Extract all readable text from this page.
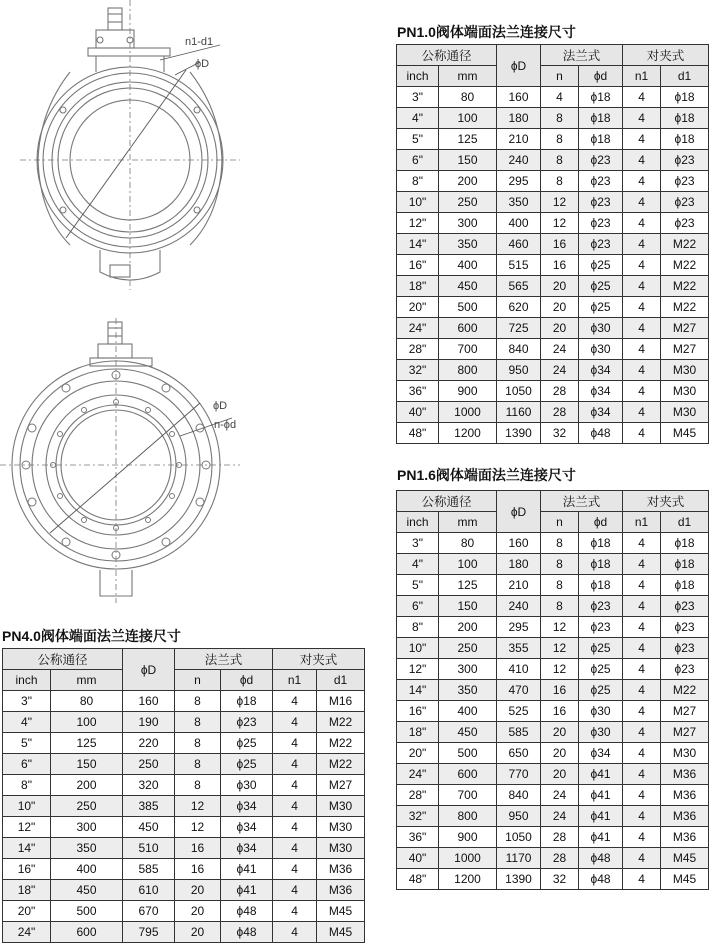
n1-d1
ϕD
ϕD
n-ϕd
PN1.0阀体端面法兰连接尺寸
公称通径		ϕD	法兰式		对夹式	
inch	mm		n	ϕd	n1	d1
3"	80	160	4	ϕ18	4	ϕ18
4"	100	180	8	ϕ18	4	ϕ18
5"	125	210	8	ϕ18	4	ϕ18
6"	150	240	8	ϕ23	4	ϕ23
8"	200	295	8	ϕ23	4	ϕ23
10"	250	350	12	ϕ23	4	ϕ23
12"	300	400	12	ϕ23	4	ϕ23
14"	350	460	16	ϕ23	4	M22
16"	400	515	16	ϕ25	4	M22
18"	450	565	20	ϕ25	4	M22
20"	500	620	20	ϕ25	4	M22
24"	600	725	20	ϕ30	4	M27
28"	700	840	24	ϕ30	4	M27
32"	800	950	24	ϕ34	4	M30
36"	900	1050	28	ϕ34	4	M30
40"	1000	1160	28	ϕ34	4	M30
48"	1200	1390	32	ϕ48	4	M45
PN1.6阀体端面法兰连接尺寸
公称通径		ϕD	法兰式		对夹式	
inch	mm		n	ϕd	n1	d1
3"	80	160	8	ϕ18	4	ϕ18
4"	100	180	8	ϕ18	4	ϕ18
5"	125	210	8	ϕ18	4	ϕ18
6"	150	240	8	ϕ23	4	ϕ23
8"	200	295	12	ϕ23	4	ϕ23
10"	250	355	12	ϕ25	4	ϕ23
12"	300	410	12	ϕ25	4	ϕ23
14"	350	470	16	ϕ25	4	M22
16"	400	525	16	ϕ30	4	M27
18"	450	585	20	ϕ30	4	M27
20"	500	650	20	ϕ34	4	M30
24"	600	770	20	ϕ41	4	M36
28"	700	840	24	ϕ41	4	M36
32"	800	950	24	ϕ41	4	M36
36"	900	1050	28	ϕ41	4	M36
40"	1000	1170	28	ϕ48	4	M45
48"	1200	1390	32	ϕ48	4	M45
PN4.0阀体端面法兰连接尺寸
公称通径		ϕD	法兰式		对夹式	
inch	mm		n	ϕd	n1	d1
3"	80	160	8	ϕ18	4	M16
4"	100	190	8	ϕ23	4	M22
5"	125	220	8	ϕ25	4	M22
6"	150	250	8	ϕ25	4	M22
8"	200	320	8	ϕ30	4	M27
10"	250	385	12	ϕ34	4	M30
12"	300	450	12	ϕ34	4	M30
14"	350	510	16	ϕ34	4	M30
16"	400	585	16	ϕ41	4	M36
18"	450	610	20	ϕ41	4	M36
20"	500	670	20	ϕ48	4	M45
24"	600	795	20	ϕ48	4	M45
